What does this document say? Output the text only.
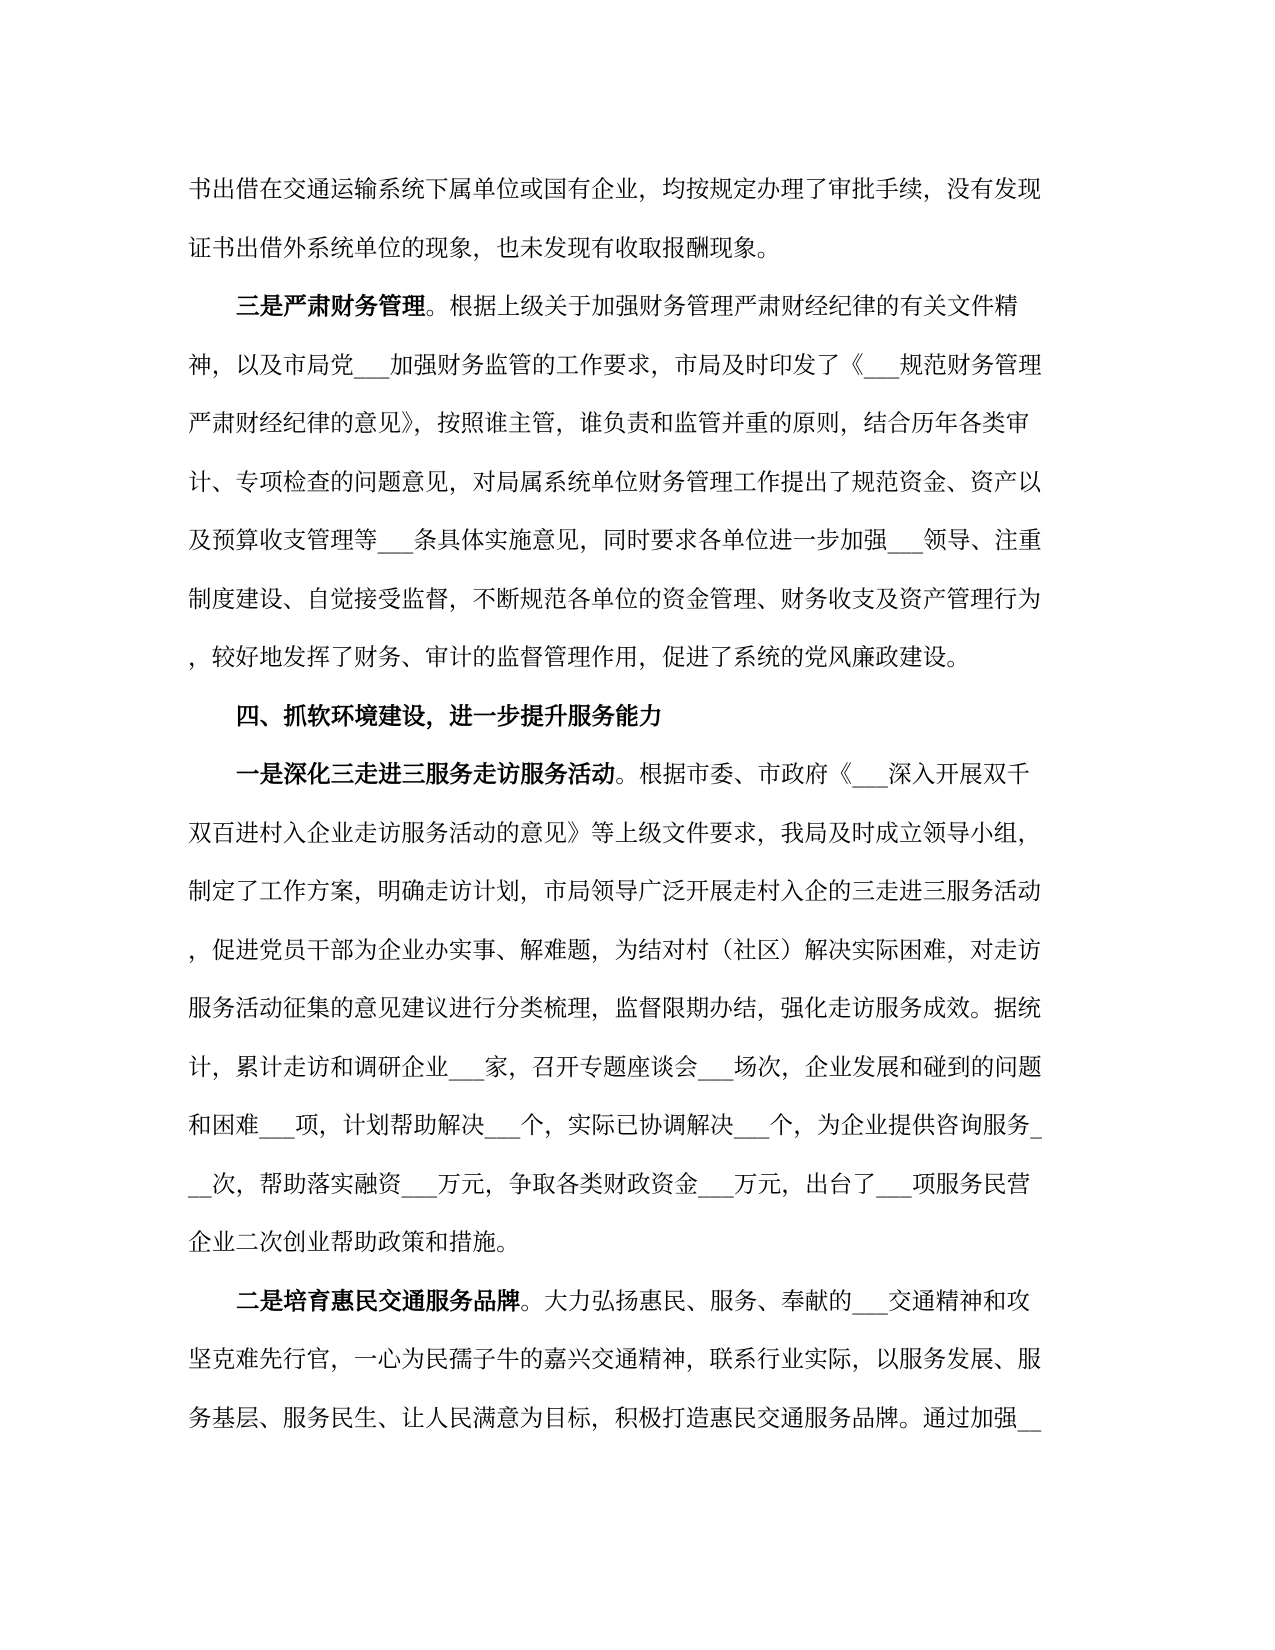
书出借在交通运输系统下属单位或国有企业，均按规定办理了审批手续，没有发现
证书出借外系统单位的现象，也未发现有收取报酬现象。
三是严肃财务管理。根据上级关于加强财务管理严肃财经纪律的有关文件精
神，以及市局党___加强财务监管的工作要求，市局及时印发了《___规范财务管理
严肃财经纪律的意见》，按照谁主管，谁负责和监管并重的原则，结合历年各类审
计、专项检查的问题意见，对局属系统单位财务管理工作提出了规范资金、资产以
及预算收支管理等___条具体实施意见，同时要求各单位进一步加强___领导、注重
制度建设、自觉接受监督，不断规范各单位的资金管理、财务收支及资产管理行为
，较好地发挥了财务、审计的监督管理作用，促进了系统的党风廉政建设。
四、抓软环境建设，进一步提升服务能力
一是深化三走进三服务走访服务活动。根据市委、市政府《___深入开展双千
双百进村入企业走访服务活动的意见》等上级文件要求，我局及时成立领导小组，
制定了工作方案，明确走访计划，市局领导广泛开展走村入企的三走进三服务活动
，促进党员干部为企业办实事、解难题，为结对村（社区）解决实际困难，对走访
服务活动征集的意见建议进行分类梳理，监督限期办结，强化走访服务成效。据统
计，累计走访和调研企业___家，召开专题座谈会___场次，企业发展和碰到的问题
和困难___项，计划帮助解决___个，实际已协调解决___个，为企业提供咨询服务_
__次，帮助落实融资___万元，争取各类财政资金___万元，出台了___项服务民营
企业二次创业帮助政策和措施。
二是培育惠民交通服务品牌。大力弘扬惠民、服务、奉献的___交通精神和攻
坚克难先行官，一心为民孺子牛的嘉兴交通精神，联系行业实际，以服务发展、服
务基层、服务民生、让人民满意为目标，积极打造惠民交通服务品牌。通过加强__
